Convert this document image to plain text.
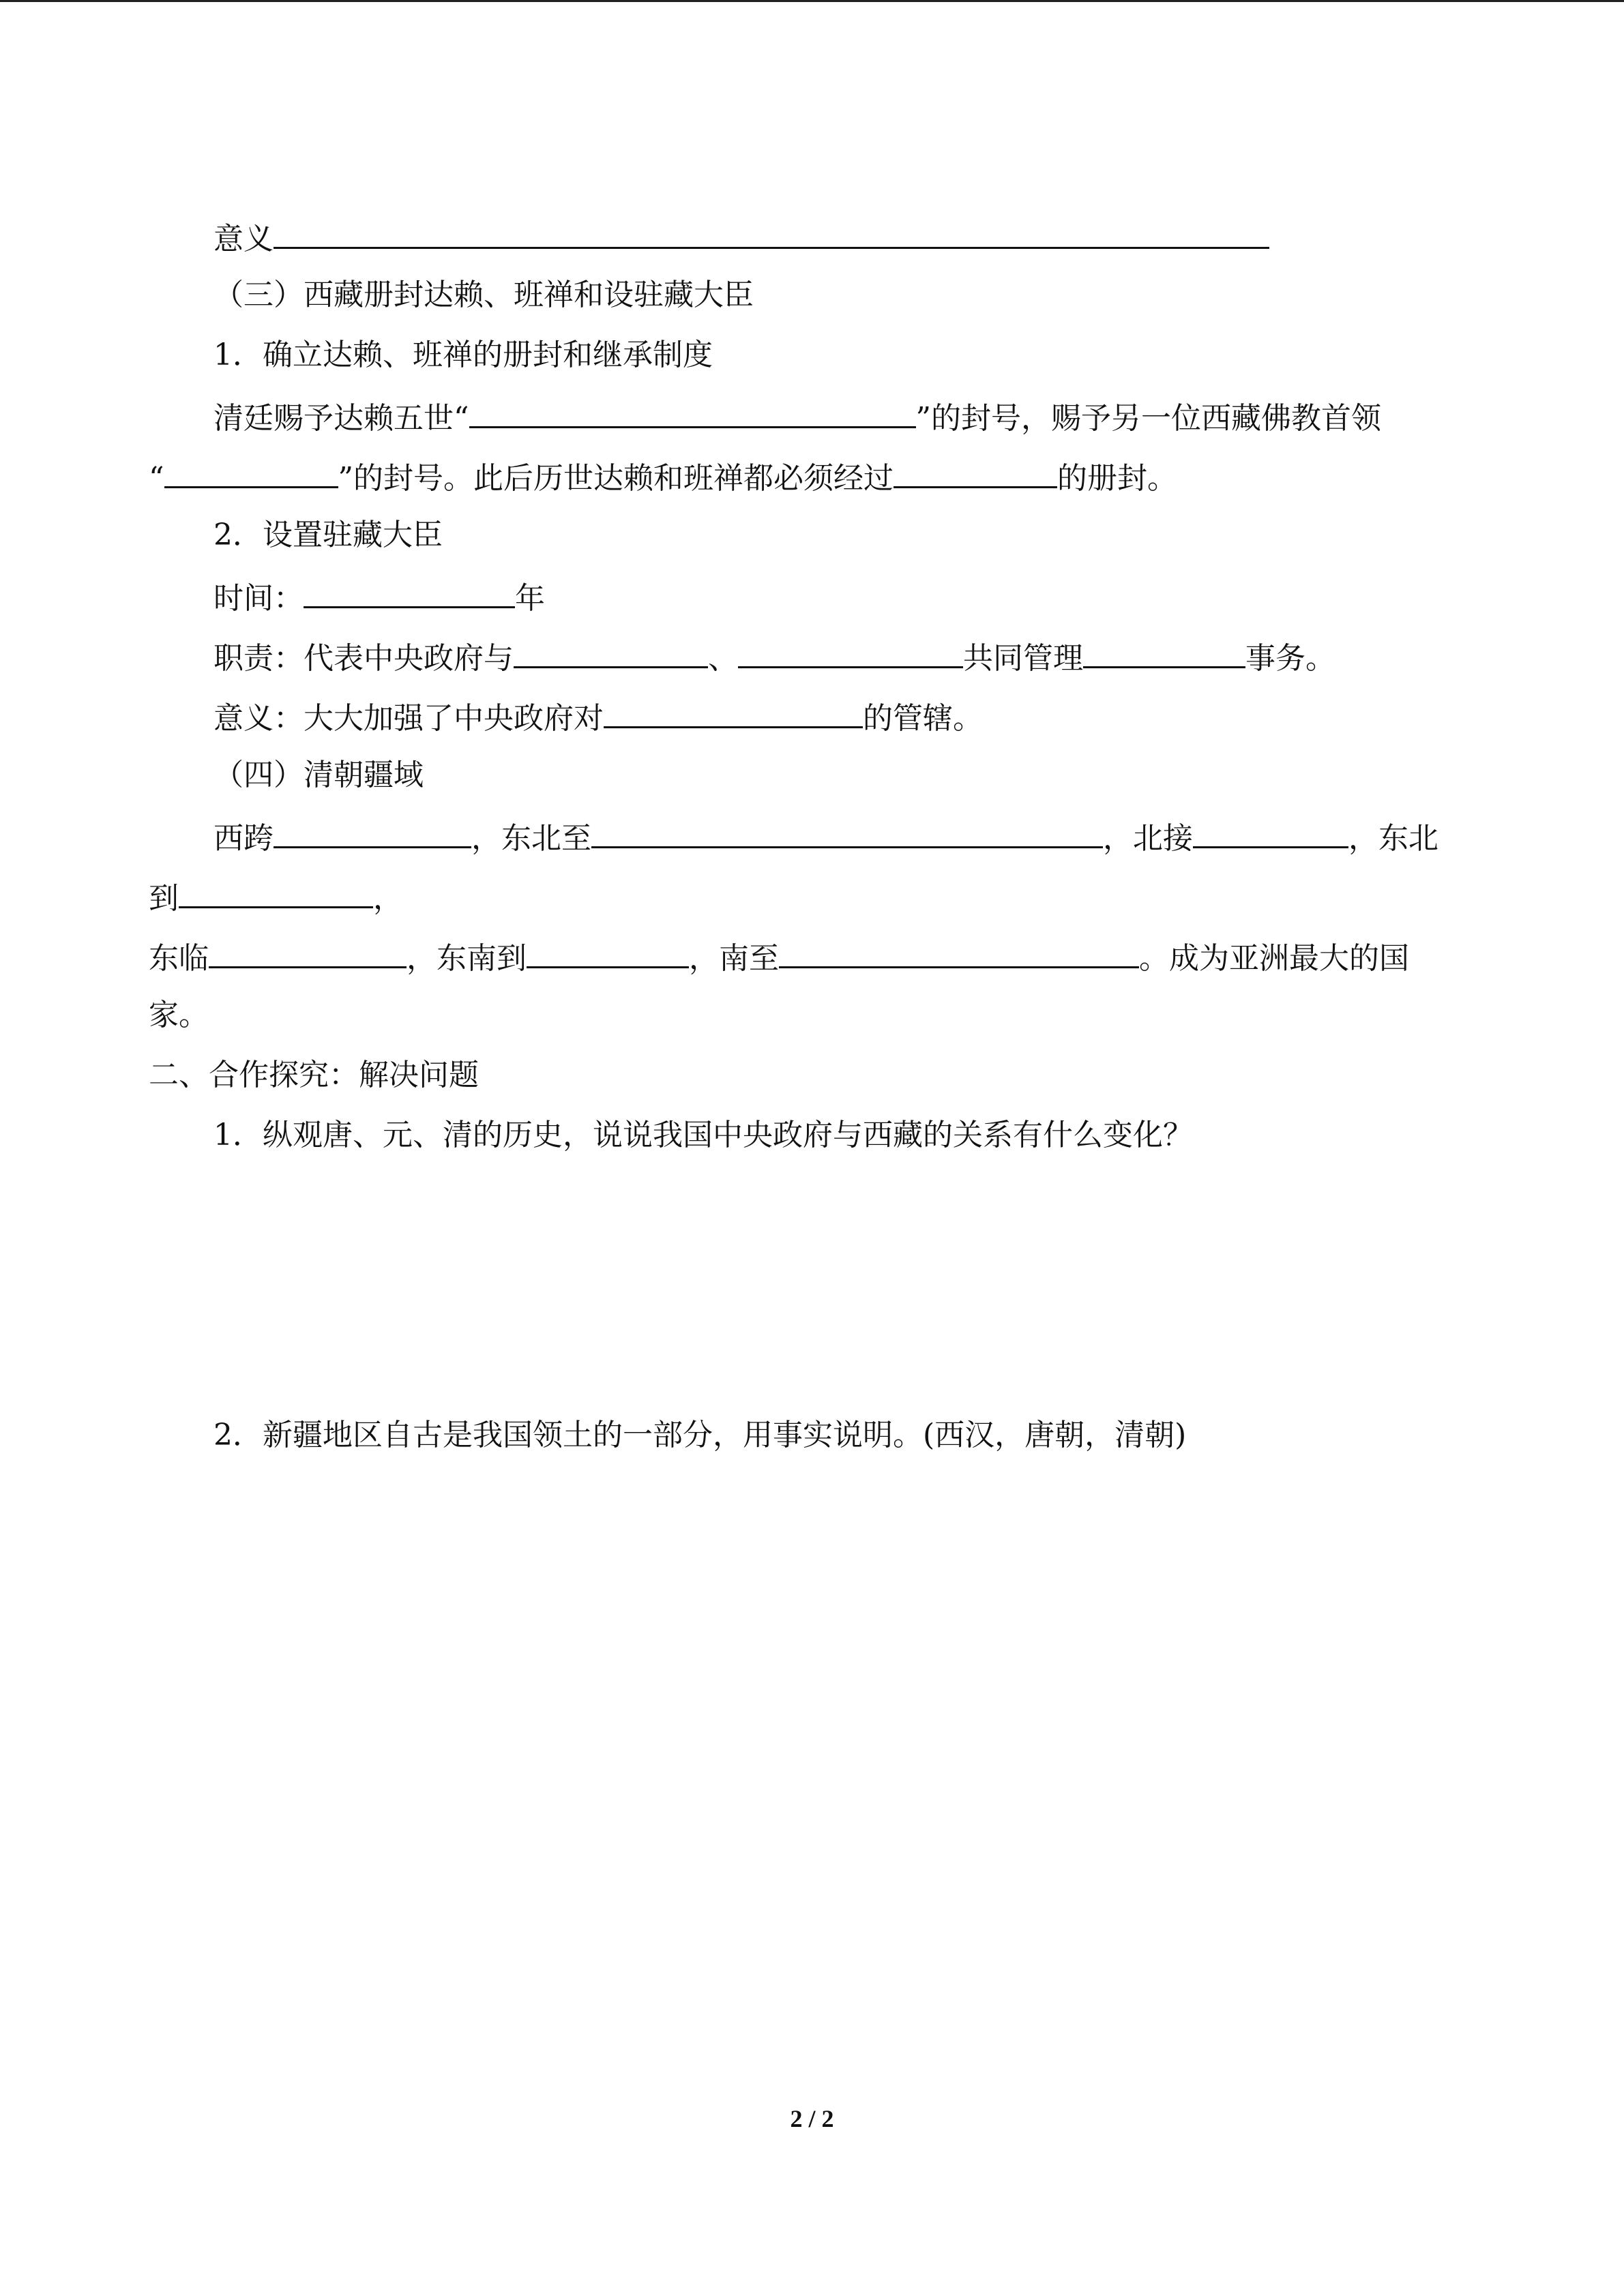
意义
（三）西藏册封达赖、班禅和设驻藏大臣
1．确立达赖、班禅的册封和继承制度
清廷赐予达赖五世“	”的封号，赐予另一位西藏佛教首领
“	”的封号。此后历世达赖和班禅都必须经过	的册封。
2．设置驻藏大臣
时间：	年
职责：代表中央政府与	、	共同管理	事务。
意义：大大加强了中央政府对	的管辖。
（四）清朝疆域
西跨	，东北至	，北接	，东北
到	，
东临	，东南到	，南至	。成为亚洲最大的国
家。
二、合作探究：解决问题
1．纵观唐、元、清的历史，说说我国中央政府与西藏的关系有什么变化？
2．新疆地区自古是我国领土的一部分，用事实说明。(西汉，唐朝，清朝)
2 / 2
